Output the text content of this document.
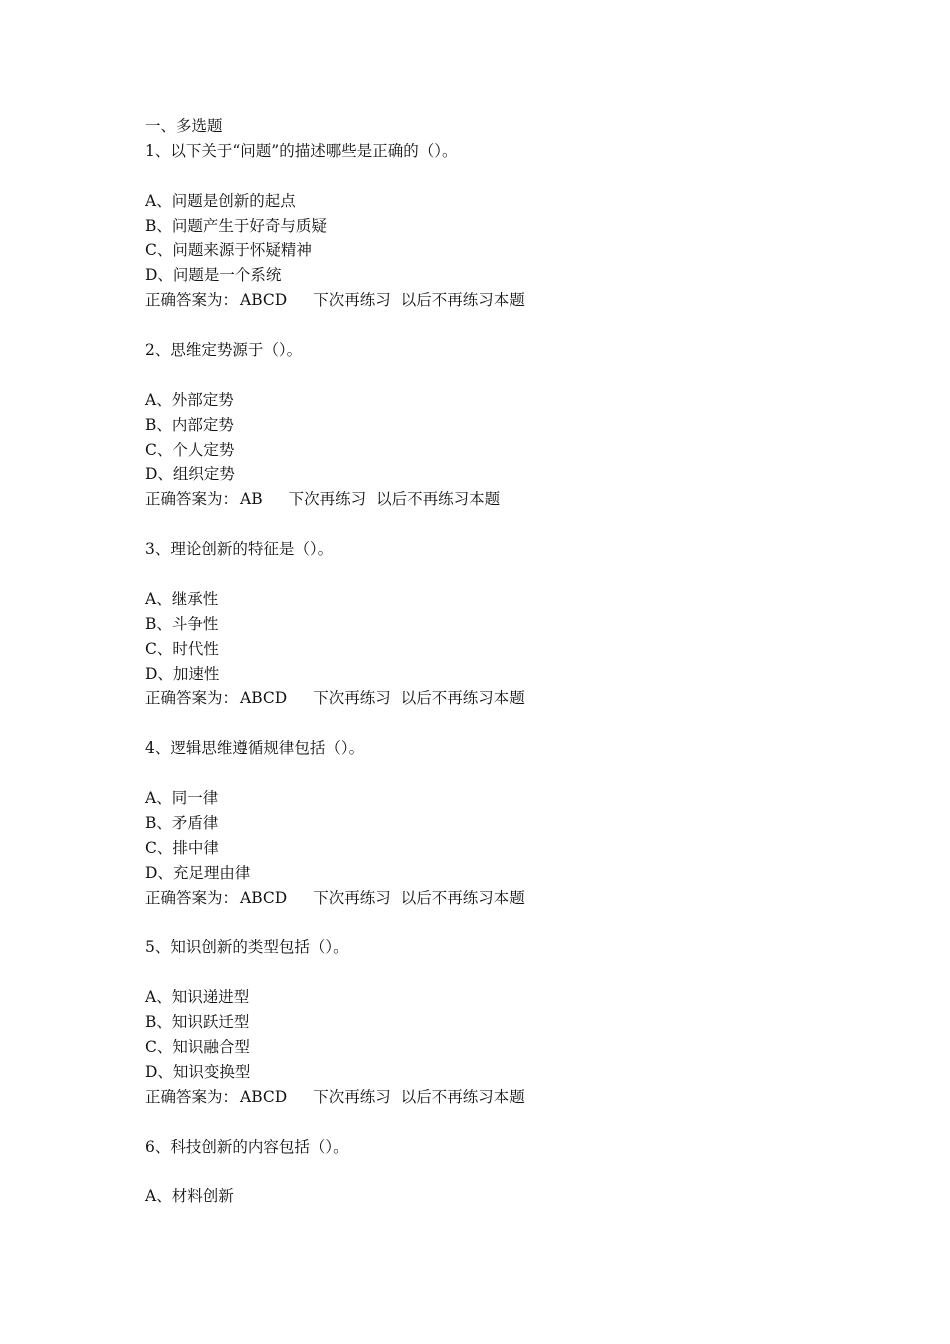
一、多选题
1、以下关于“问题”的描述哪些是正确的（）。
A、问题是创新的起点
B、问题产生于好奇与质疑
C、问题来源于怀疑精神
D、问题是一个系统
正确答案为： ABCD 下次再练习 以后不再练习本题
2、思维定势源于（）。
A、外部定势
B、内部定势
C、个人定势
D、组织定势
正确答案为： AB 下次再练习 以后不再练习本题
3、理论创新的特征是（）。
A、继承性
B、斗争性
C、时代性
D、加速性
正确答案为： ABCD 下次再练习 以后不再练习本题
4、逻辑思维遵循规律包括（）。
A、同一律
B、矛盾律
C、排中律
D、充足理由律
正确答案为： ABCD 下次再练习 以后不再练习本题
5、知识创新的类型包括（）。
A、知识递进型
B、知识跃迁型
C、知识融合型
D、知识变换型
正确答案为： ABCD 下次再练习 以后不再练习本题
6、科技创新的内容包括（）。
A、材料创新
